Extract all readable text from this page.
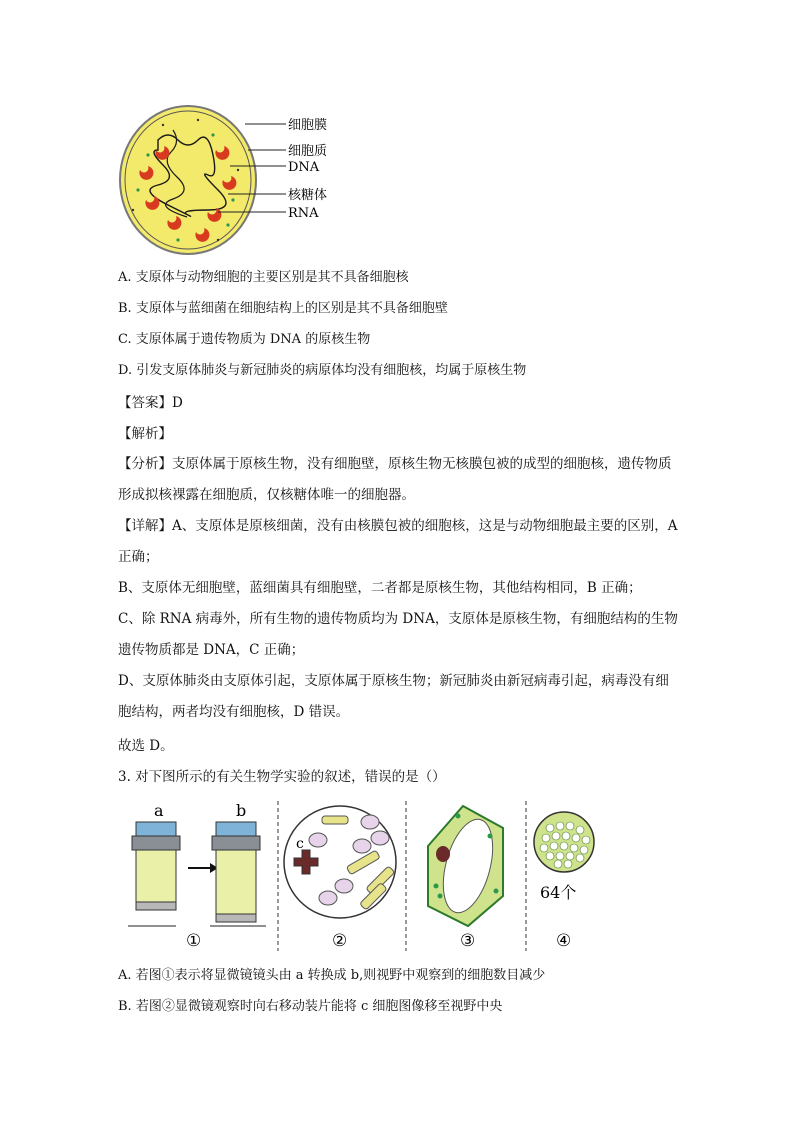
细胞膜
细胞质
DNA
核糖体
RNA
A. 支原体与动物细胞的主要区别是其不具备细胞核
B. 支原体与蓝细菌在细胞结构上的区别是其不具备细胞壁
C. 支原体属于遗传物质为 DNA 的原核生物
D. 引发支原体肺炎与新冠肺炎的病原体均没有细胞核，均属于原核生物
【答案】D
【解析】
【分析】支原体属于原核生物，没有细胞壁，原核生物无核膜包被的成型的细胞核，遗传物质形成拟核裸露在细胞质，仅核糖体唯一的细胞器。
【详解】A、支原体是原核细菌，没有由核膜包被的细胞核，这是与动物细胞最主要的区别，A 正确；
B、支原体无细胞壁，蓝细菌具有细胞壁，二者都是原核生物，其他结构相同，B 正确；
C、除 RNA 病毒外，所有生物的遗传物质均为 DNA，支原体是原核生物，有细胞结构的生物遗传物质都是 DNA，C 正确；
D、支原体肺炎由支原体引起，支原体属于原核生物；新冠肺炎由新冠病毒引起，病毒没有细胞结构，两者均没有细胞核，D 错误。
故选 D。
3. 对下图所示的有关生物学实验的叙述，错误的是（）
a	b
①
c
②	③
64个
④
A. 若图①表示将显微镜镜头由 a 转换成 b,则视野中观察到的细胞数目减少
B. 若图②显微镜观察时向右移动装片能将 c 细胞图像移至视野中央
